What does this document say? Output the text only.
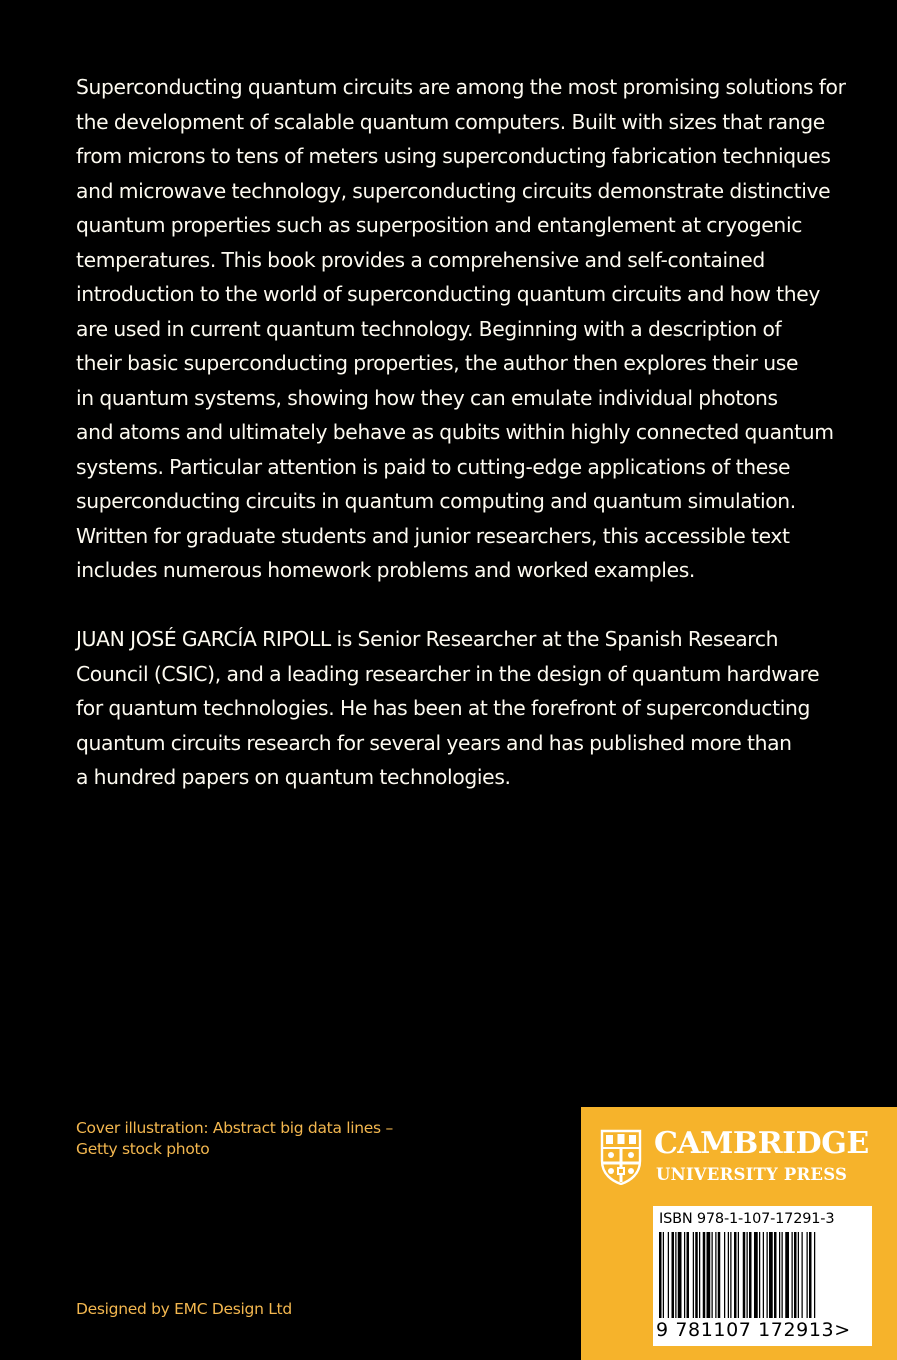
Superconducting quantum circuits are among the most promising solutions for
the development of scalable quantum computers. Built with sizes that range
from microns to tens of meters using superconducting fabrication techniques
and microwave technology, superconducting circuits demonstrate distinctive
quantum properties such as superposition and entanglement at cryogenic
temperatures. This book provides a comprehensive and self-contained
introduction to the world of superconducting quantum circuits and how they
are used in current quantum technology. Beginning with a description of
their basic superconducting properties, the author then explores their use
in quantum systems, showing how they can emulate individual photons
and atoms and ultimately behave as qubits within highly connected quantum
systems. Particular attention is paid to cutting-edge applications of these
superconducting circuits in quantum computing and quantum simulation.
Written for graduate students and junior researchers, this accessible text
includes numerous homework problems and worked examples.
JUAN JOSÉ GARCÍA RIPOLL is Senior Researcher at the Spanish Research
Council (CSIC), and a leading researcher in the design of quantum hardware
for quantum technologies. He has been at the forefront of superconducting
quantum circuits research for several years and has published more than
a hundred papers on quantum technologies.
Cover illustration: Abstract big data lines –
Getty stock photo
Designed by EMC Design Ltd
CAMBRIDGE
UNIVERSITY PRESS
ISBN 978-1-107-17291-3
9 781107 172913>
